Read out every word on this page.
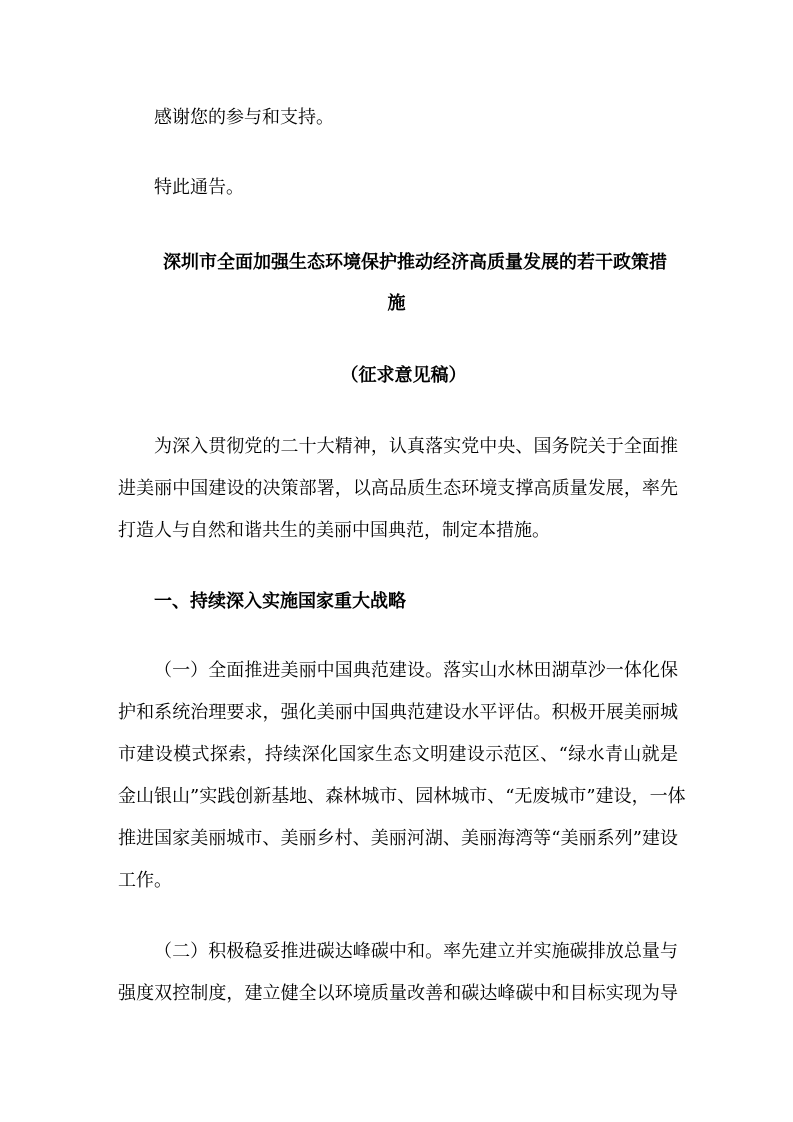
感谢您的参与和支持。
特此通告。
深圳市全面加强生态环境保护推动经济高质量发展的若干政策措
施
（征求意见稿）
为深入贯彻党的二十大精神，认真落实党中央、国务院关于全面推
进美丽中国建设的决策部署，以高品质生态环境支撑高质量发展，率先
打造人与自然和谐共生的美丽中国典范，制定本措施。
一、持续深入实施国家重大战略
（一）全面推进美丽中国典范建设。落实山水林田湖草沙一体化保
护和系统治理要求，强化美丽中国典范建设水平评估。积极开展美丽城
市建设模式探索，持续深化国家生态文明建设示范区、“绿水青山就是
金山银山”实践创新基地、森林城市、园林城市、“无废城市”建设，一体
推进国家美丽城市、美丽乡村、美丽河湖、美丽海湾等“美丽系列”建设
工作。
（二）积极稳妥推进碳达峰碳中和。率先建立并实施碳排放总量与
强度双控制度，建立健全以环境质量改善和碳达峰碳中和目标实现为导
